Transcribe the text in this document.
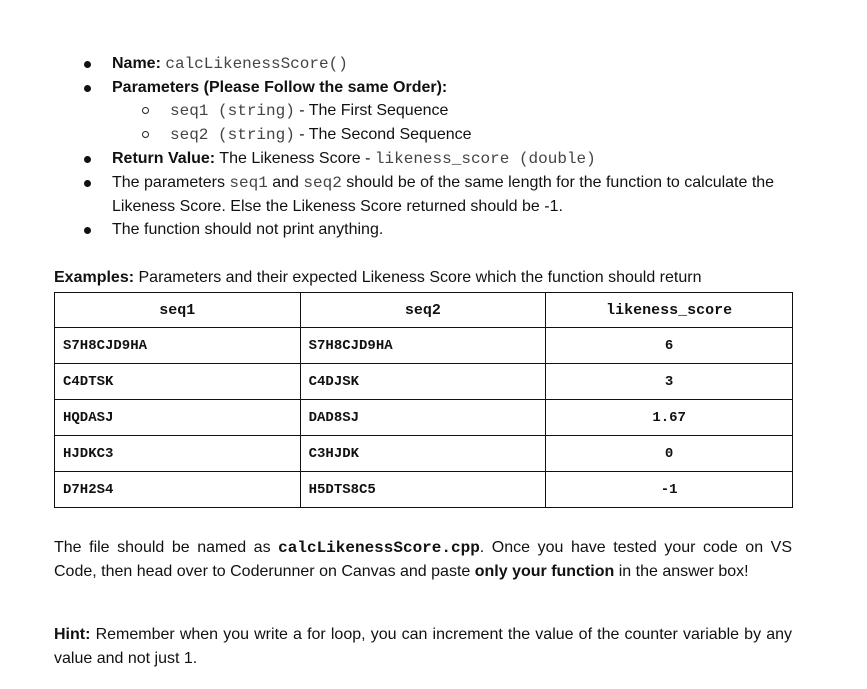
Name: calcLikenessScore()
Parameters (Please Follow the same Order):
seq1 (string) - The First Sequence
seq2 (string) - The Second Sequence
Return Value: The Likeness Score - likeness_score (double)
The parameters seq1 and seq2 should be of the same length for the function to calculate the Likeness Score. Else the Likeness Score returned should be -1.
The function should not print anything.
Examples: Parameters and their expected Likeness Score which the function should return
seq1	seq2	likeness_score
S7H8CJD9HA	S7H8CJD9HA	6
C4DTSK	C4DJSK	3
HQDASJ	DAD8SJ	1.67
HJDKC3	C3HJDK	0
D7H2S4	H5DTS8C5	-1
The file should be named as calcLikenessScore.cpp. Once you have tested your code on VS Code, then head over to Coderunner on Canvas and paste only your function in the answer box!
Hint: Remember when you write a for loop, you can increment the value of the counter variable by any value and not just 1.
